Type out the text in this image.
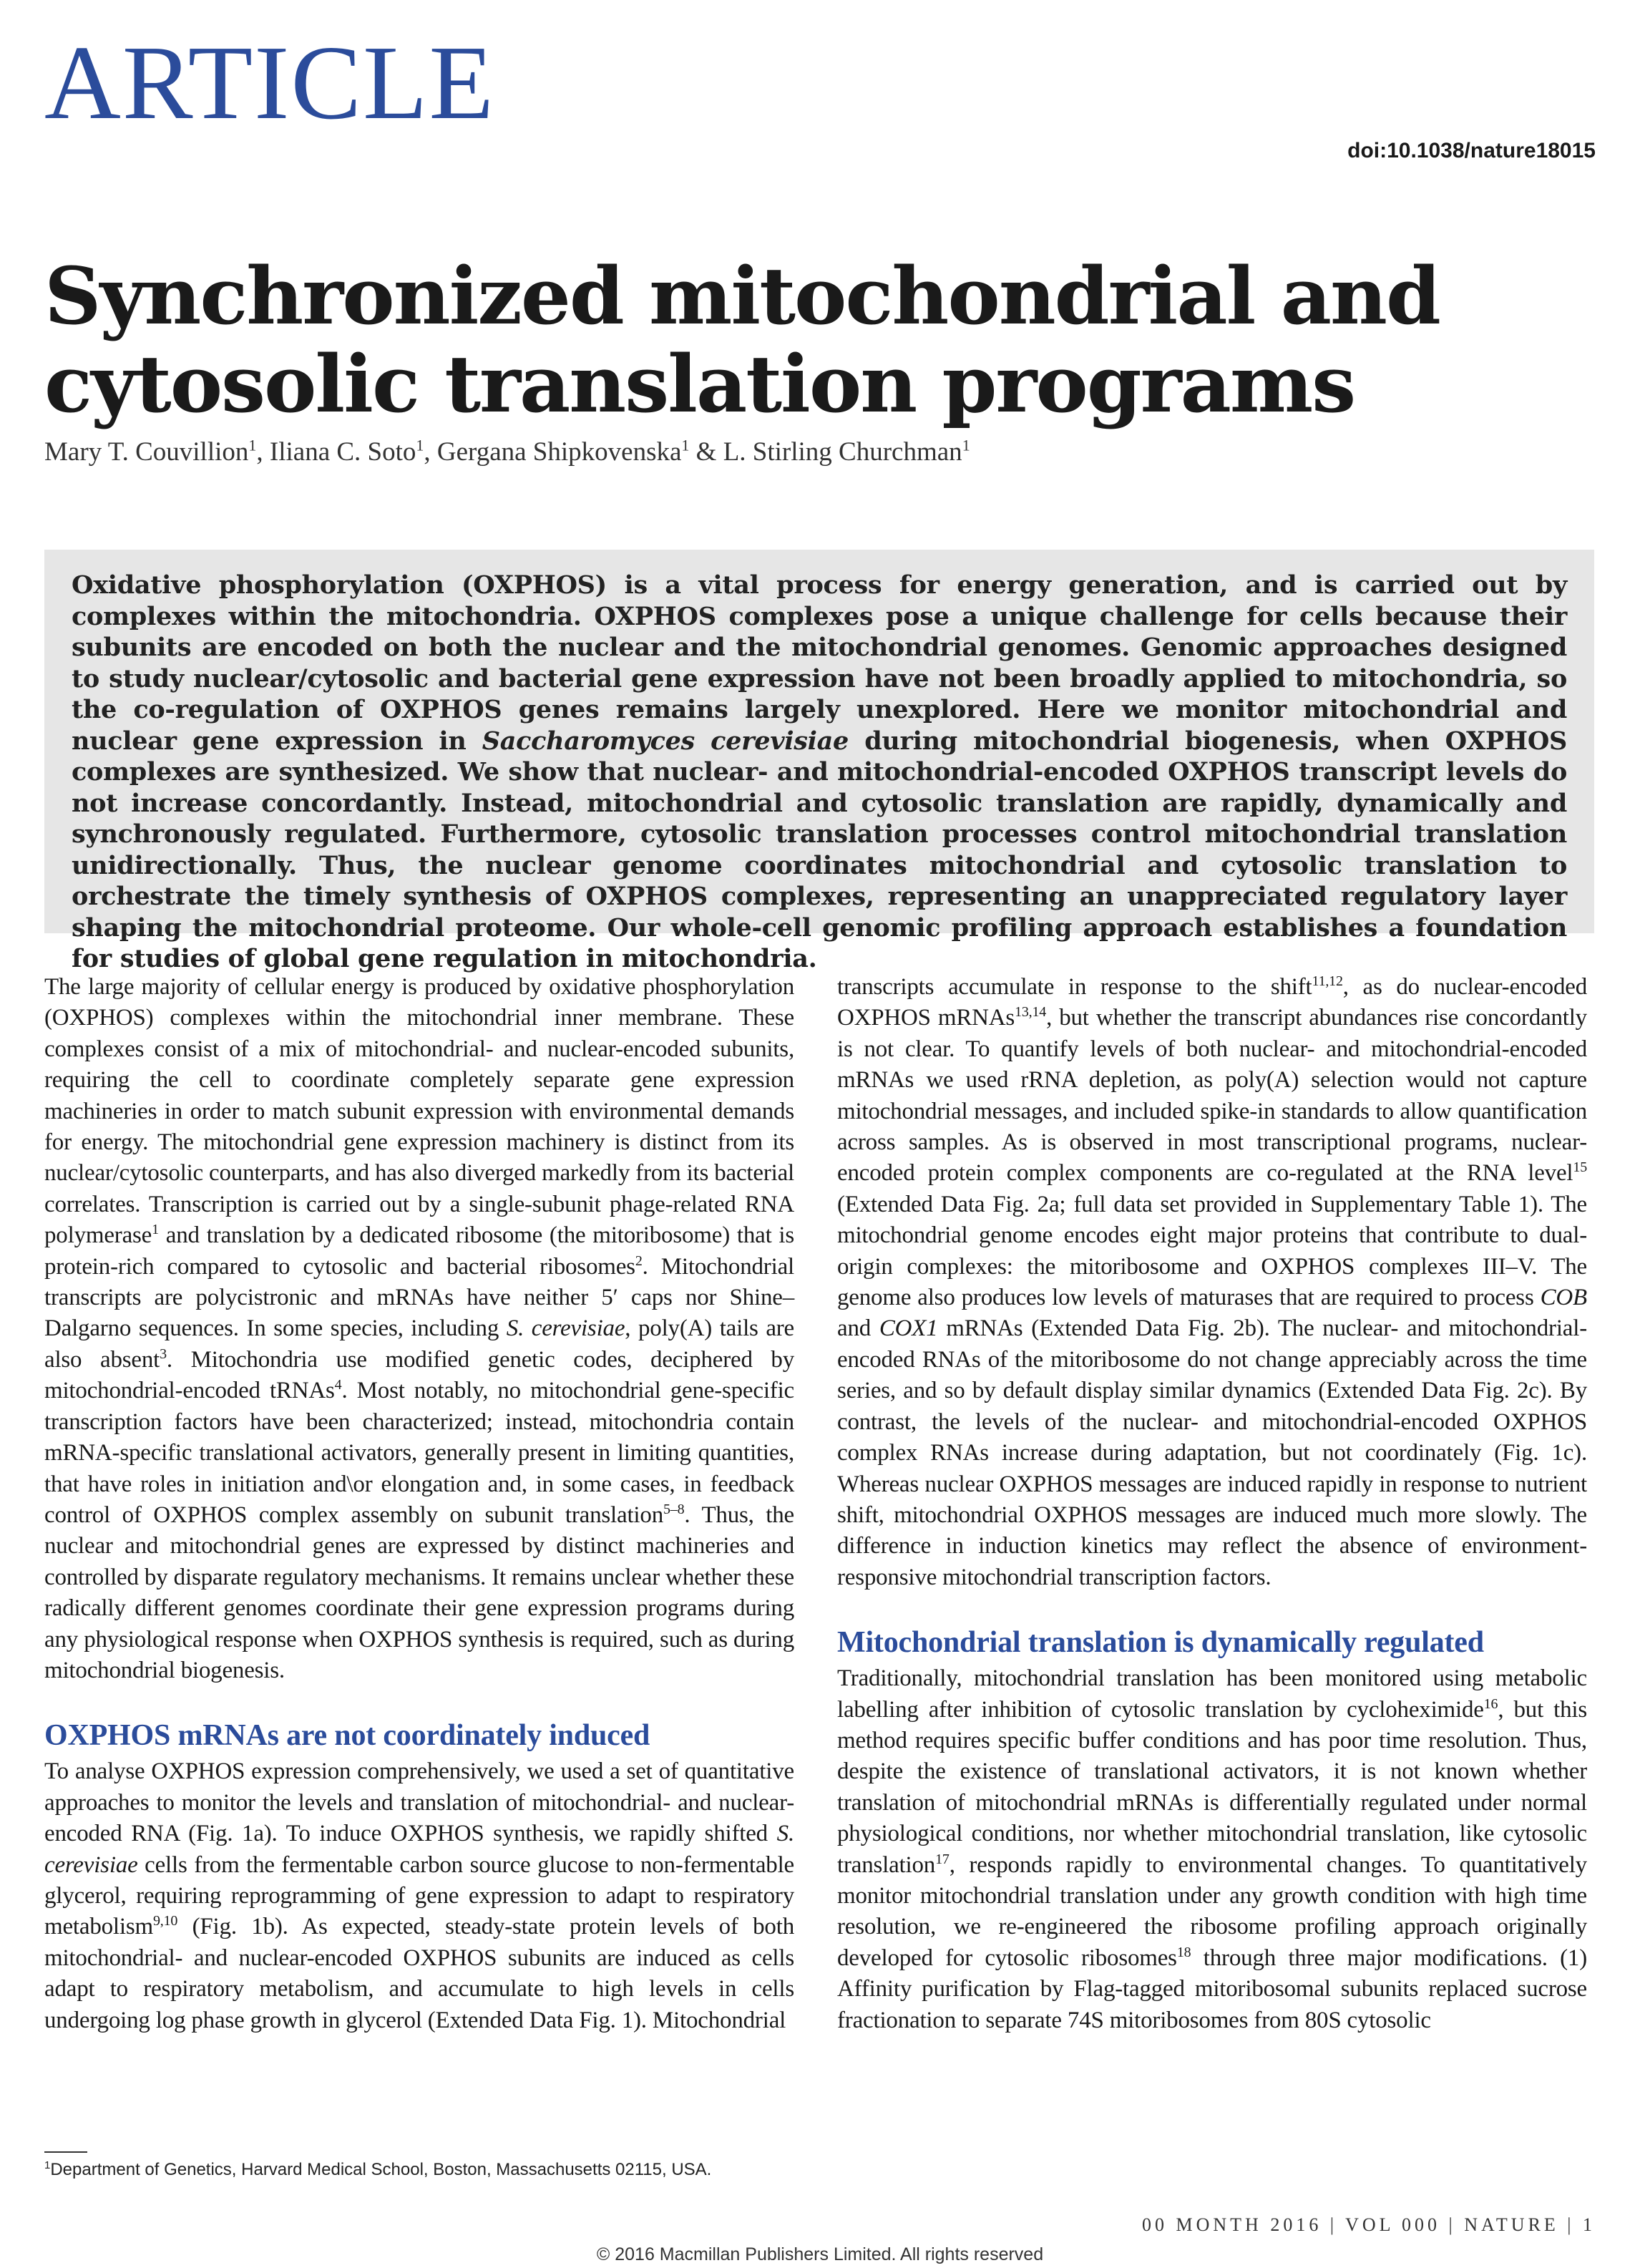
ARTICLE
doi:10.1038/nature18015
Synchronized mitochondrial and cytosolic translation programs
Mary T. Couvillion$^1$, Iliana C. Soto$^1$, Gergana Shipkovenska$^1$ & L. Stirling Churchman$^1$
Oxidative phosphorylation (OXPHOS) is a vital process for energy generation, and is carried out by complexes within the mitochondria. OXPHOS complexes pose a unique challenge for cells because their subunits are encoded on both the nuclear and the mitochondrial genomes. Genomic approaches designed to study nuclear/cytosolic and bacterial gene expression have not been broadly applied to mitochondria, so the co-regulation of OXPHOS genes remains largely unexplored. Here we monitor mitochondrial and nuclear gene expression in Saccharomyces cerevisiae during mitochondrial biogenesis, when OXPHOS complexes are synthesized. We show that nuclear- and mitochondrial-encoded OXPHOS transcript levels do not increase concordantly. Instead, mitochondrial and cytosolic translation are rapidly, dynamically and synchronously regulated. Furthermore, cytosolic translation processes control mitochondrial translation unidirectionally. Thus, the nuclear genome coordinates mitochondrial and cytosolic translation to orchestrate the timely synthesis of OXPHOS complexes, representing an unappreciated regulatory layer shaping the mitochondrial proteome. Our whole-cell genomic profiling approach establishes a foundation for studies of global gene regulation in mitochondria.

The large majority of cellular energy is produced by oxidative phosphorylation (OXPHOS) complexes within the mitochondrial inner membrane. These complexes consist of a mix of mitochondrial- and nuclear-encoded subunits, requiring the cell to coordinate completely separate gene expression machineries in order to match subunit expression with environmental demands for energy. The mitochondrial gene expression machinery is distinct from its nuclear/cytosolic counterparts, and has also diverged markedly from its bacterial correlates. Transcription is carried out by a single-subunit phage-related RNA polymerase$^1$ and translation by a dedicated ribosome (the mitoribosome) that is protein-rich compared to cytosolic and bacterial ribosomes$^2$. Mitochondrial transcripts are polycistronic and mRNAs have neither 5′ caps nor Shine–Dalgarno sequences. In some species, including S. cerevisiae, poly(A) tails are also absent$^3$. Mitochondria use modified genetic codes, deciphered by mitochondrial-encoded tRNAs$^4$. Most notably, no mitochondrial gene-specific transcription factors have been characterized; instead, mitochondria contain mRNA-specific translational activators, generally present in limiting quantities, that have roles in initiation and\or elongation and, in some cases, in feedback control of OXPHOS complex assembly on subunit translation$^{5-8}$. Thus, the nuclear and mitochondrial genes are expressed by distinct machineries and controlled by disparate regulatory mechanisms. It remains unclear whether these radically different genomes coordinate their gene expression programs during any physiological response when OXPHOS synthesis is required, such as during mitochondrial biogenesis.

OXPHOS mRNAs are not coordinately induced

To analyse OXPHOS expression comprehensively, we used a set of quantitative approaches to monitor the levels and translation of mitochondrial- and nuclear-encoded RNA (Fig. 1a). To induce OXPHOS synthesis, we rapidly shifted S. cerevisiae cells from the fermentable carbon source glucose to non-fermentable glycerol, requiring reprogramming of gene expression to adapt to respiratory metabolism$^{9,10}$ (Fig. 1b). As expected, steady-state protein levels of both mitochondrial- and nuclear-encoded OXPHOS subunits are induced as cells adapt to respiratory metabolism, and accumulate to high levels in cells undergoing log phase growth in glycerol (Extended Data Fig. 1). Mitochondrial

transcripts accumulate in response to the shift$^{11,12}$, as do nuclear-encoded OXPHOS mRNAs$^{13,14}$, but whether the transcript abundances rise concordantly is not clear. To quantify levels of both nuclear- and mitochondrial-encoded mRNAs we used rRNA depletion, as poly(A) selection would not capture mitochondrial messages, and included spike-in standards to allow quantification across samples. As is observed in most transcriptional programs, nuclear-encoded protein complex components are co-regulated at the RNA level$^{15}$ (Extended Data Fig. 2a; full data set provided in Supplementary Table 1). The mitochondrial genome encodes eight major proteins that contribute to dual-origin complexes: the mitoribosome and OXPHOS complexes III–V. The genome also produces low levels of maturases that are required to process COB and COX1 mRNAs (Extended Data Fig. 2b). The nuclear- and mitochondrial-encoded RNAs of the mitoribosome do not change appreciably across the time series, and so by default display similar dynamics (Extended Data Fig. 2c). By contrast, the levels of the nuclear- and mitochondrial-encoded OXPHOS complex RNAs increase during adaptation, but not coordinately (Fig. 1c). Whereas nuclear OXPHOS messages are induced rapidly in response to nutrient shift, mitochondrial OXPHOS messages are induced much more slowly. The difference in induction kinetics may reflect the absence of environment-responsive mitochondrial transcription factors.

Mitochondrial translation is dynamically regulated

Traditionally, mitochondrial translation has been monitored using metabolic labelling after inhibition of cytosolic translation by cycloheximide$^{16}$, but this method requires specific buffer conditions and has poor time resolution. Thus, despite the existence of translational activators, it is not known whether translation of mitochondrial mRNAs is differentially regulated under normal physiological conditions, nor whether mitochondrial translation, like cytosolic translation$^{17}$, responds rapidly to environmental changes. To quantitatively monitor mitochondrial translation under any growth condition with high time resolution, we re-engineered the ribosome profiling approach originally developed for cytosolic ribosomes$^{18}$ through three major modifications. (1) Affinity purification by Flag-tagged mitoribosomal subunits replaced sucrose fractionation to separate 74S mitoribosomes from 80S cytosolic

$^1$Department of Genetics, Harvard Medical School, Boston, Massachusetts 02115, USA.
00 MONTH 2016 | VOL 000 | NATURE | 1
© 2016 Macmillan Publishers Limited. All rights reserved
